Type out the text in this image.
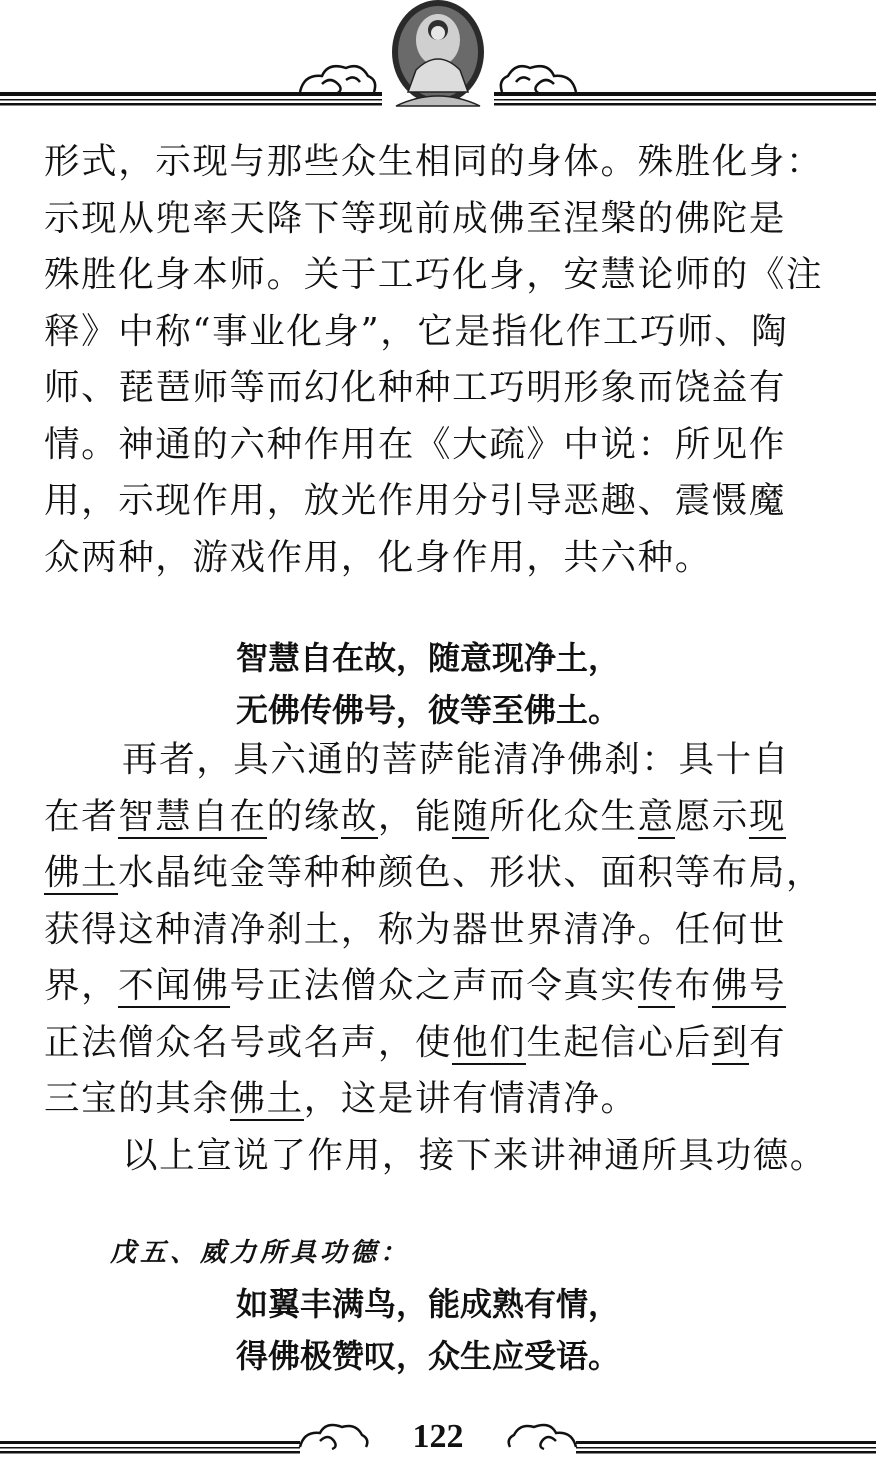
形式，示现与那些众生相同的身体。殊胜化身：

示现从兜率天降下等现前成佛至涅槃的佛陀是

殊胜化身本师。关于工巧化身，安慧论师的《注

释》中称“事业化身”，它是指化作工巧师、陶

师、琵琶师等而幻化种种工巧明形象而饶益有

情。神通的六种作用在《大疏》中说：所见作

用，示现作用，放光作用分引导恶趣、震慑魔

众两种，游戏作用，化身作用，共六种。

智慧自在故，随意现净土，

无佛传佛号，彼等至佛土。

再者，具六通的菩萨能清净佛刹：具十自

在者智慧自在的缘故，能随所化众生意愿示现

佛土水晶纯金等种种颜色、形状、面积等布局，

获得这种清净刹土，称为器世界清净。任何世

界，不闻佛号正法僧众之声而令真实传布佛号

正法僧众名号或名声，使他们生起信心后到有

三宝的其余佛土，这是讲有情清净。

以上宣说了作用，接下来讲神通所具功德。

戊五、威力所具功德：

如翼丰满鸟，能成熟有情，

得佛极赞叹，众生应受语。

122
